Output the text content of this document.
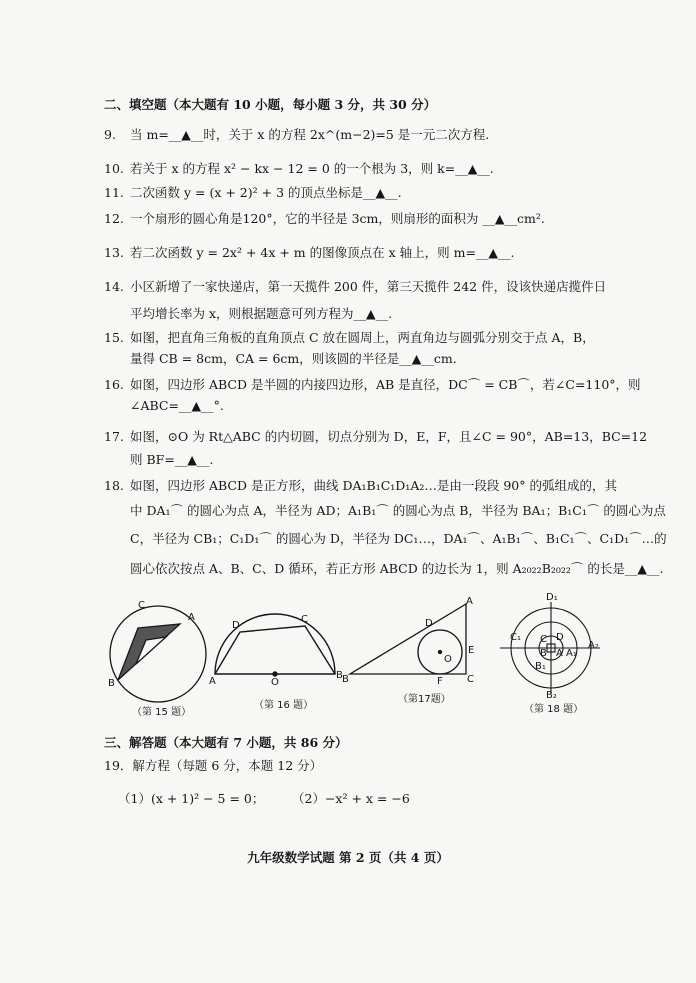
二、填空题（本大题有 10 小题，每小题 3 分，共 30 分）
9. 当 m=__▲__时，关于 x 的方程 2x^(m−2)=5 是一元二次方程.
10. 若关于 x 的方程 x² − kx − 12 = 0 的一个根为 3，则 k=__▲__.
11. 二次函数 y = (x + 2)² + 3 的顶点坐标是__▲__.
12. 一个扇形的圆心角是120°，它的半径是 3cm，则扇形的面积为 __▲__cm².
13. 若二次函数 y = 2x² + 4x + m 的图像顶点在 x 轴上，则 m=__▲__.
14. 小区新增了一家快递店，第一天揽件 200 件，第三天揽件 242 件，设该快递店揽件日
平均增长率为 x，则根据题意可列方程为__▲__.
15. 如图，把直角三角板的直角顶点 C 放在圆周上，两直角边与圆弧分别交于点 A，B，
量得 CB = 8cm，CA = 6cm，则该圆的半径是__▲__cm.
16. 如图，四边形 ABCD 是半圆的内接四边形，AB 是直径，DC⌒ = CB⌒，若∠C=110°，则
∠ABC=__▲__°.
17. 如图，⊙O 为 Rt△ABC 的内切圆，切点分别为 D，E，F，且∠C = 90°，AB=13，BC=12
则 BF=__▲__.
18. 如图，四边形 ABCD 是正方形，曲线 DA₁B₁C₁D₁A₂…是由一段段 90° 的弧组成的，其
中 DA₁⌒ 的圆心为点 A，半径为 AD；A₁B₁⌒ 的圆心为点 B，半径为 BA₁；B₁C₁⌒ 的圆心为点
C，半径为 CB₁；C₁D₁⌒ 的圆心为 D，半径为 DC₁…，DA₁⌒、A₁B₁⌒、B₁C₁⌒、C₁D₁⌒…的
圆心依次按点 A、B、C、D 循环，若正方形 ABCD 的边长为 1，则 A₂₀₂₂B₂₀₂₂⌒ 的长是__▲__.
C
A
B
（第 15 题）
D
C
A	O
B
（第 16 题）
A
D
O
E
B	F C
（第17题）
D₁
C₁	D
C
B A A₁
A₂
B₁
B₂
（第 18 题）
三、解答题（本大题有 7 小题，共 86 分）
19．解方程（每题 6 分，本题 12 分）
（1）(x + 1)² − 5 = 0； （2）−x² + x = −6
九年级数学试题 第 2 页（共 4 页）
